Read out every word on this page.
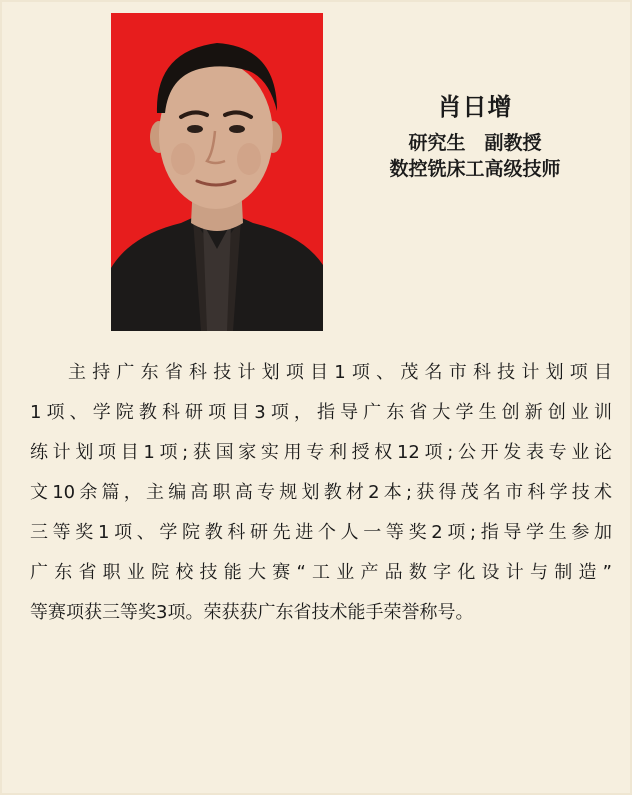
肖日增
研究生　副教授
数控铣床工高级技师
主持广东省科技计划项目1项、茂名市科技计划项目
1项、学院教科研项目3项，指导广东省大学生创新创业训
练计划项目1项;获国家实用专利授权12项;公开发表专业论
文10余篇，主编高职高专规划教材2本;获得茂名市科学技术
三等奖1项、学院教科研先进个人一等奖2项;指导学生参加
广东省职业院校技能大赛“工业产品数字化设计与制造”
等赛项获三等奖3项。荣获获广东省技术能手荣誉称号。
